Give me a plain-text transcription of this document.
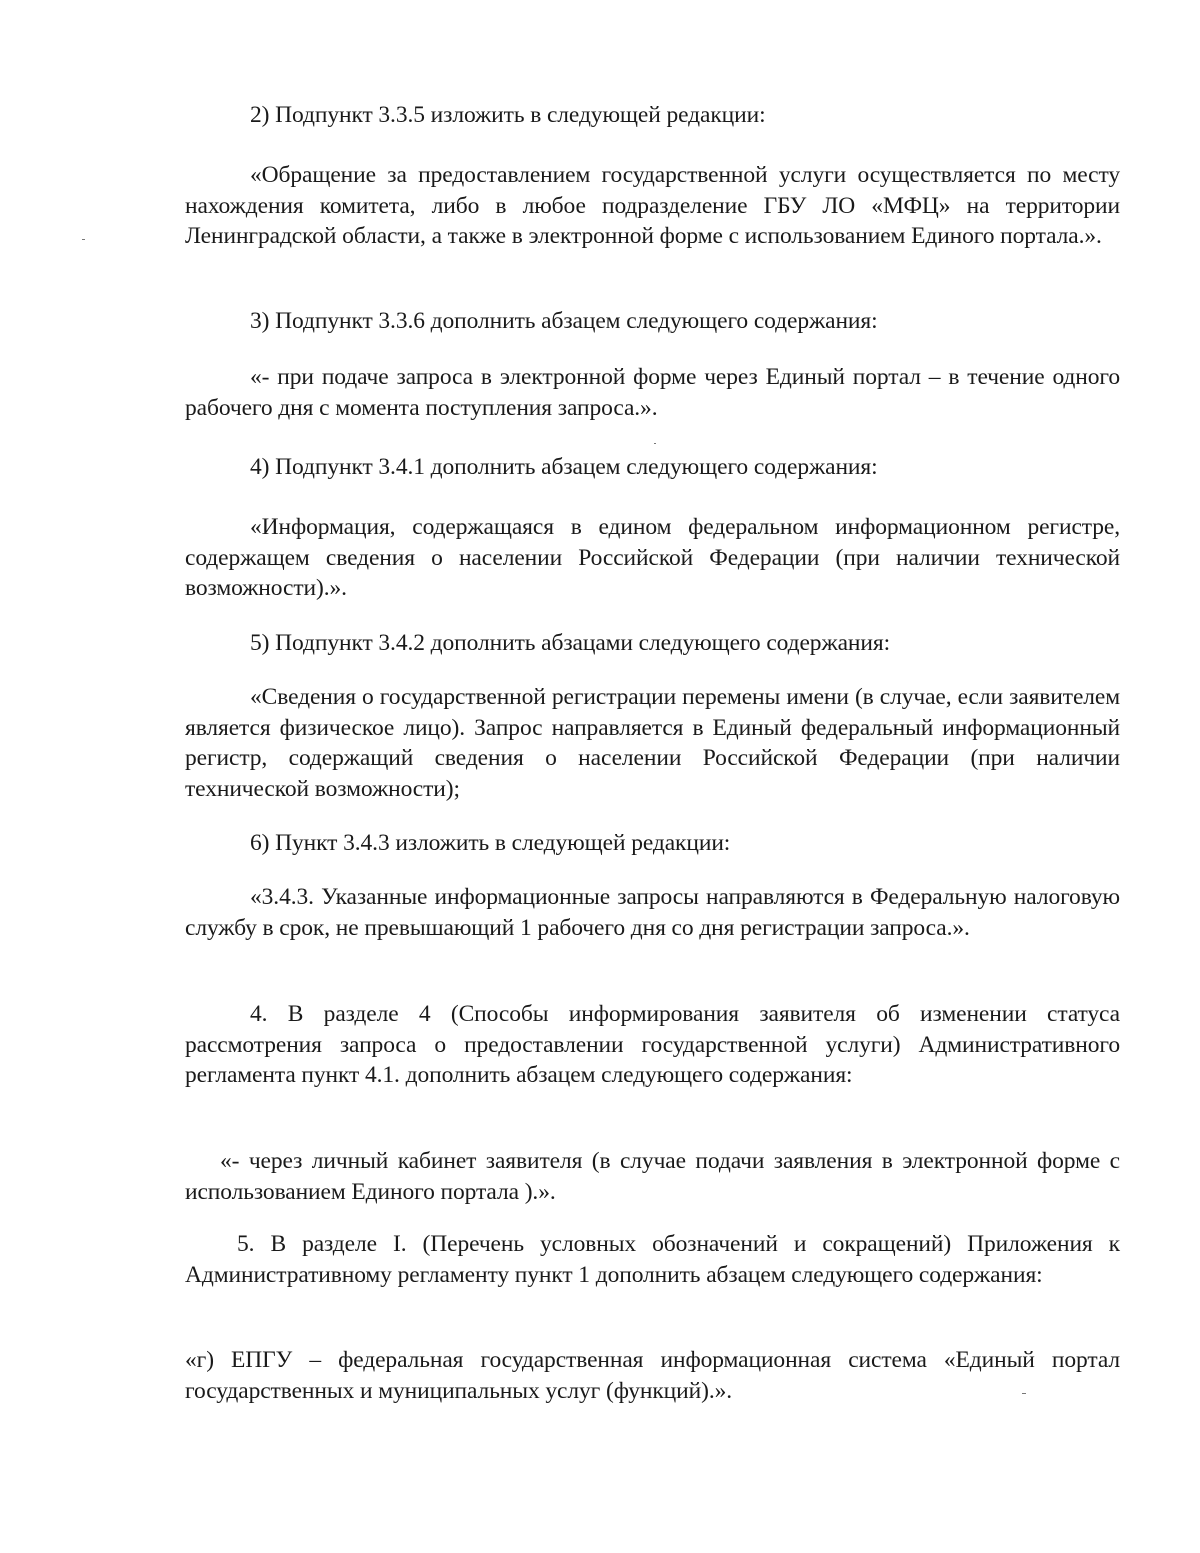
2) Подпункт 3.3.5 изложить в следующей редакции:

«Обращение за предоставлением государственной услуги осуществляется по месту нахождения комитета, либо в любое подразделение ГБУ ЛО «МФЦ» на территории Ленинградской области, а также в электронной форме с использованием Единого портала.».

3) Подпункт 3.3.6 дополнить абзацем следующего содержания:

«- при подаче запроса в электронной форме через Единый портал – в течение одного рабочего дня с момента поступления запроса.».

4) Подпункт 3.4.1 дополнить абзацем следующего содержания:

«Информация, содержащаяся в едином федеральном информационном регистре, содержащем сведения о населении Российской Федерации (при наличии технической возможности).».

5) Подпункт 3.4.2 дополнить абзацами следующего содержания:

«Сведения о государственной регистрации перемены имени (в случае, если заявителем является физическое лицо). Запрос направляется в Единый федеральный информационный регистр, содержащий сведения о населении Российской Федерации (при наличии технической возможности);

6) Пункт 3.4.3 изложить в следующей редакции:

«3.4.3. Указанные информационные запросы направляются в Федеральную налоговую службу в срок, не превышающий 1 рабочего дня со дня регистрации запроса.».

4. В разделе 4 (Способы информирования заявителя об изменении статуса рассмотрения запроса о предоставлении государственной услуги) Административного регламента пункт 4.1. дополнить абзацем следующего содержания:

«- через личный кабинет заявителя (в случае подачи заявления в электронной форме с использованием Единого портала ).».

5. В разделе I. (Перечень условных обозначений и сокращений) Приложения к Административному регламенту пункт 1 дополнить абзацем следующего содержания:

«г) ЕПГУ – федеральная государственная информационная система «Единый портал государственных и муниципальных услуг (функций).».
